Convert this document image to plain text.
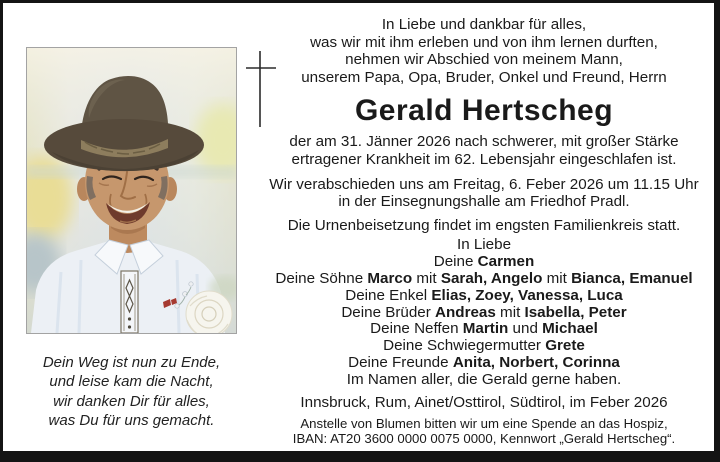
Dein Weg ist nun zu Ende,
und leise kam die Nacht,
wir danken Dir für alles,
was Du für uns gemacht.
In Liebe und dankbar für alles,
was wir mit ihm erleben und von ihm lernen durften,
nehmen wir Abschied von meinem Mann,
unserem Papa, Opa, Bruder, Onkel und Freund, Herrn
Gerald Hertscheg
der am 31. Jänner 2026 nach schwerer, mit großer Stärke
ertragener Krankheit im 62. Lebensjahr eingeschlafen ist.
Wir verabschieden uns am Freitag, 6. Feber 2026 um 11.15 Uhr
in der Einsegnungshalle am Friedhof Pradl.
Die Urnenbeisetzung findet im engsten Familienkreis statt.
In Liebe
Deine Carmen
Deine Söhne Marco mit Sarah, Angelo mit Bianca, Emanuel
Deine Enkel Elias, Zoey, Vanessa, Luca
Deine Brüder Andreas mit Isabella, Peter
Deine Neffen Martin und Michael
Deine Schwiegermutter Grete
Deine Freunde Anita, Norbert, Corinna
Im Namen aller, die Gerald gerne haben.
Innsbruck, Rum, Ainet/Osttirol, Südtirol, im Feber 2026
Anstelle von Blumen bitten wir um eine Spende an das Hospiz,
IBAN: AT20 3600 0000 0075 0000, Kennwort „Gerald Hertscheg“.
